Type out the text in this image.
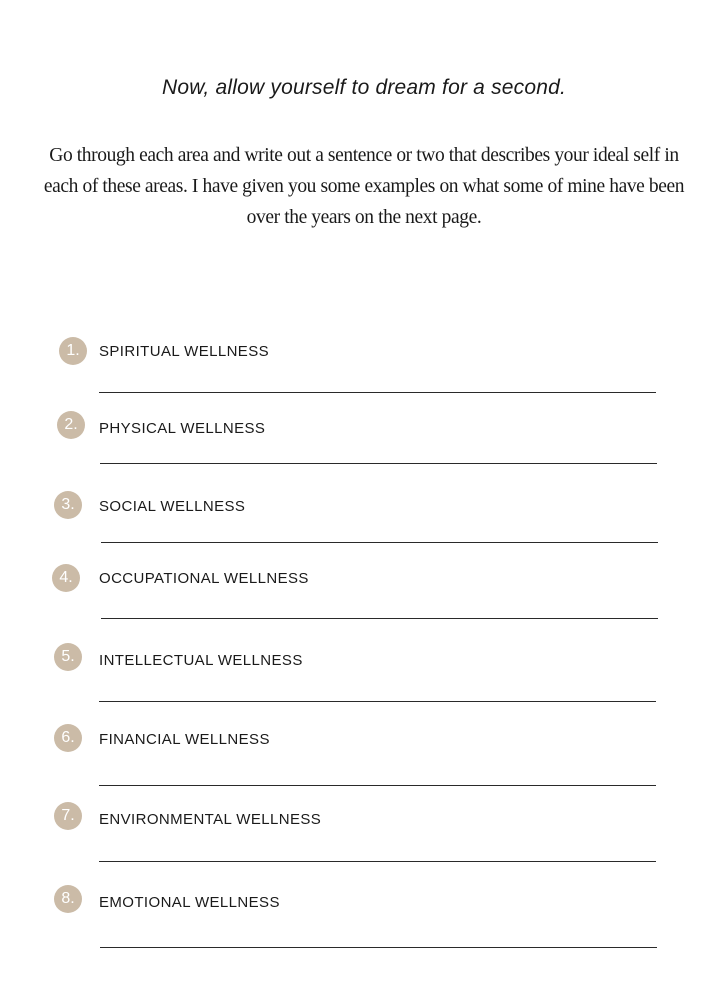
Now, allow yourself to dream for a second.
Go through each area and write out a sentence or two that describes your ideal self in each of these areas. I have given you some examples on what some of mine have been over the years on the next page.
1.	SPIRITUAL WELLNESS
2.	PHYSICAL WELLNESS
3.	SOCIAL WELLNESS
4.	OCCUPATIONAL WELLNESS
5.	INTELLECTUAL WELLNESS
6.	FINANCIAL WELLNESS
7.	ENVIRONMENTAL WELLNESS
8.	EMOTIONAL WELLNESS
